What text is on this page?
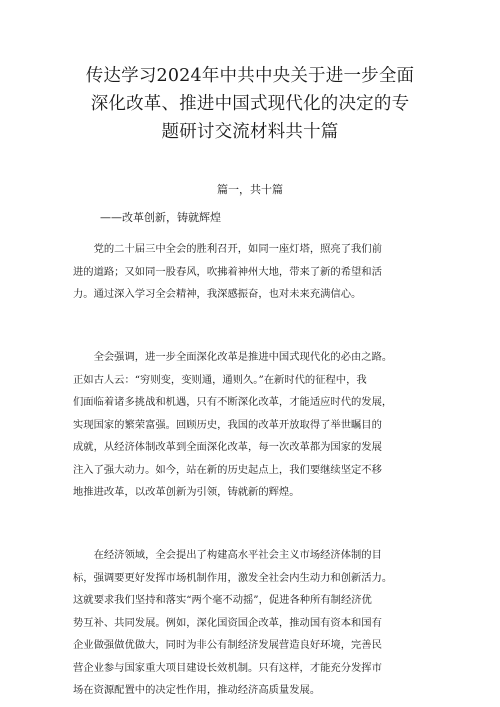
传达学习2024年中共中央关于进一步全面
深化改革、推进中国式现代化的决定的专
题研讨交流材料共十篇
篇一，共十篇
——改革创新，铸就辉煌
　　党的二十届三中全会的胜利召开，如同一座灯塔，照亮了我们前
进的道路；又如同一股春风，吹拂着神州大地，带来了新的希望和活
力。通过深入学习全会精神，我深感振奋，也对未来充满信心。
　　全会强调，进一步全面深化改革是推进中国式现代化的必由之路。
正如古人云：“穷则变，变则通，通则久。”在新时代的征程中，我
们面临着诸多挑战和机遇，只有不断深化改革，才能适应时代的发展，
实现国家的繁荣富强。回顾历史，我国的改革开放取得了举世瞩目的
成就，从经济体制改革到全面深化改革，每一次改革都为国家的发展
注入了强大动力。如今，站在新的历史起点上，我们要继续坚定不移
地推进改革，以改革创新为引领，铸就新的辉煌。
　　在经济领域，全会提出了构建高水平社会主义市场经济体制的目
标，强调要更好发挥市场机制作用，激发全社会内生动力和创新活力。
这就要求我们坚持和落实“两个毫不动摇”，促进各种所有制经济优
势互补、共同发展。例如，深化国资国企改革，推动国有资本和国有
企业做强做优做大，同时为非公有制经济发展营造良好环境，完善民
营企业参与国家重大项目建设长效机制。只有这样，才能充分发挥市
场在资源配置中的决定性作用，推动经济高质量发展。
